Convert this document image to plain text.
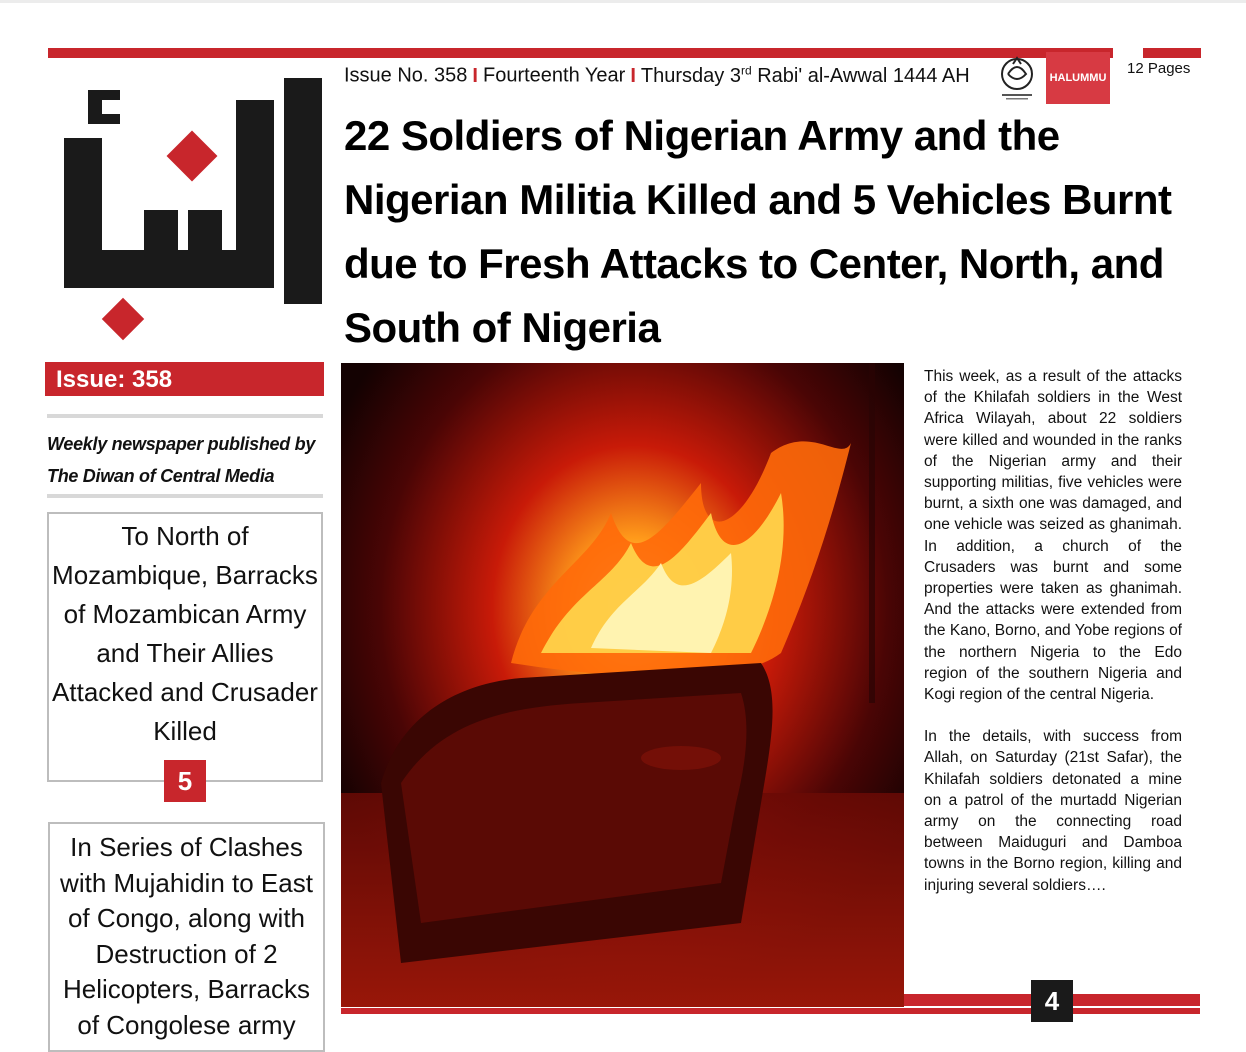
Issue: 358
Weekly newspaper published by
The Diwan of Central Media
To North of Mozambique, Barracks of Mozambican Army and Their Allies Attacked and Crusader Killed
5
In Series of Clashes with Mujahidin to East of Congo, along with Destruction of 2 Helicopters, Barracks of Congolese army
Issue No. 358 I Fourteenth Year I Thursday 3rd Rabi' al-Awwal 1444 AH	HALUMMU
12 Pages
22 Soldiers of Nigerian Army and the Nigerian Militia Killed and 5 Vehicles Burnt due to Fresh Attacks to Center, North, and South of Nigeria

This week, as a result of the attacks of the Khilafah soldiers in the West Africa Wilayah, about 22 soldiers were killed and wounded in the ranks of the Nigerian army and their supporting militias, five vehicles were burnt, a sixth one was damaged, and one vehicle was seized as ghanimah. In addition, a church of the Crusaders was burnt and some properties were taken as ghanimah. And the attacks were extended from the Kano, Borno, and Yobe regions of the northern Nigeria to the Edo region of the southern Nigeria and Kogi region of the central Nigeria.

In the details, with success from Allah, on Saturday (21st Safar), the Khilafah soldiers detonated a mine on a patrol of the murtadd Nigerian army on the connecting road between Maiduguri and Damboa towns in the Borno region, killing and injuring several soldiers….

4
